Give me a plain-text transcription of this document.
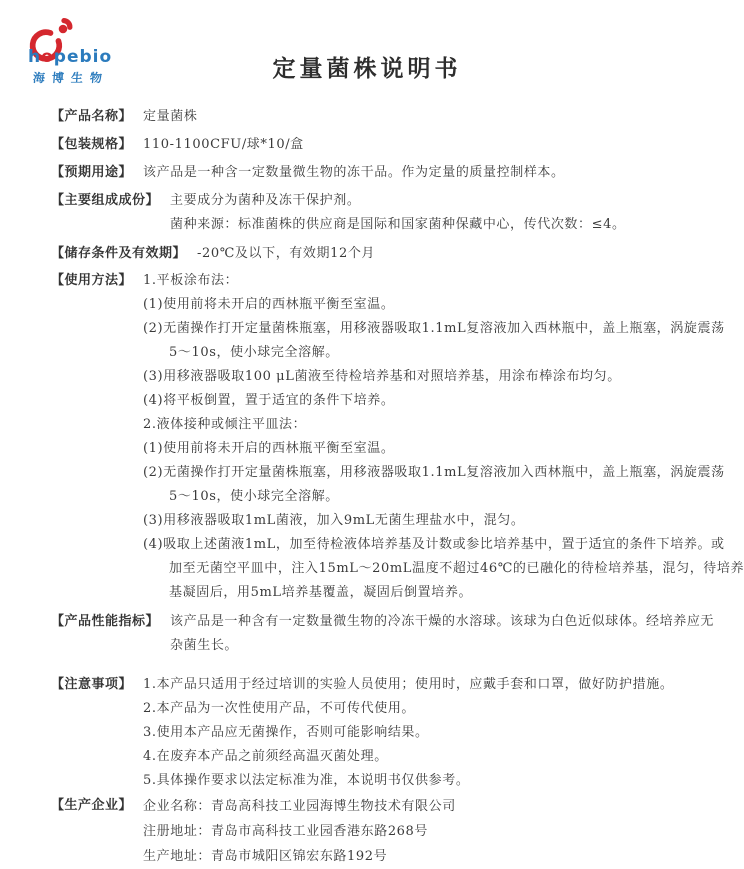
hopebio
海博生物	定量菌株说明书
【产品名称】 定量菌株
【包装规格】 110-1100CFU/球*10/盒
【预期用途】 该产品是一种含一定数量微生物的冻干品。作为定量的质量控制样本。
【主要组成成份】 主要成分为菌种及冻干保护剂。
菌种来源：标准菌株的供应商是国际和国家菌种保藏中心，传代次数：≤4。
【储存条件及有效期】 -20℃及以下，有效期12个月
【使用方法】 1.平板涂布法：
(1)使用前将未开启的西林瓶平衡至室温。
(2)无菌操作打开定量菌株瓶塞，用移液器吸取1.1mL复溶液加入西林瓶中，盖上瓶塞，涡旋震荡
5～10s，使小球完全溶解。
(3)用移液器吸取100 μL菌液至待检培养基和对照培养基，用涂布棒涂布均匀。
(4)将平板倒置，置于适宜的条件下培养。
2.液体接种或倾注平皿法：
(1)使用前将未开启的西林瓶平衡至室温。
(2)无菌操作打开定量菌株瓶塞，用移液器吸取1.1mL复溶液加入西林瓶中，盖上瓶塞，涡旋震荡
5～10s，使小球完全溶解。
(3)用移液器吸取1mL菌液，加入9mL无菌生理盐水中，混匀。
(4)吸取上述菌液1mL，加至待检液体培养基及计数或参比培养基中，置于适宜的条件下培养。或
加至无菌空平皿中，注入15mL～20mL温度不超过46℃的已融化的待检培养基，混匀，待培养
基凝固后，用5mL培养基覆盖，凝固后倒置培养。
【产品性能指标】 该产品是一种含有一定数量微生物的冷冻干燥的水溶球。该球为白色近似球体。经培养应无
杂菌生长。
【注意事项】 1.本产品只适用于经过培训的实验人员使用；使用时，应戴手套和口罩，做好防护措施。
2.本产品为一次性使用产品，不可传代使用。
3.使用本产品应无菌操作，否则可能影响结果。
4.在废弃本产品之前须经高温灭菌处理。
5.具体操作要求以法定标准为准，本说明书仅供参考。
【生产企业】 企业名称：青岛高科技工业园海博生物技术有限公司
注册地址：青岛市高科技工业园香港东路268号
生产地址：青岛市城阳区锦宏东路192号
